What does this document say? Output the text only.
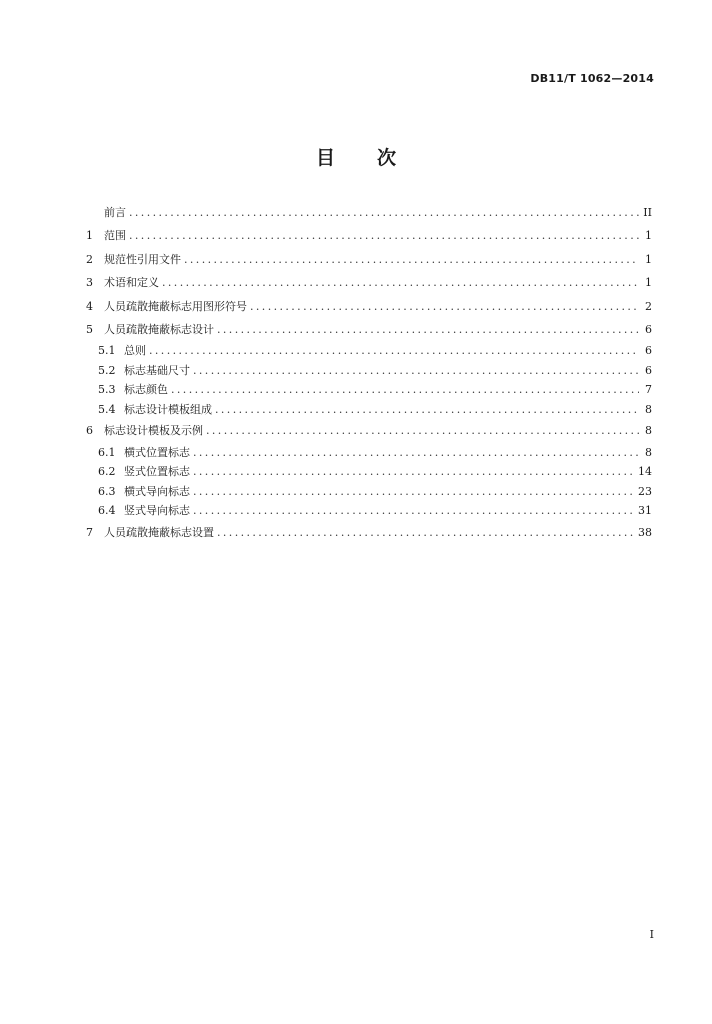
DB11/T 1062—2014
目 次
前言 .....	II
1	范围 .....	1
2	规范性引用文件 .....	1
3	术语和定义 .....	1
4	人员疏散掩蔽标志用图形符号 .....	2
5	人员疏散掩蔽标志设计 .....	6
5.1 总则 .....	6
5.2 标志基础尺寸 .....	6
5.3 标志颜色 .....	7
5.4 标志设计模板组成 .....	8
6	标志设计模板及示例 .....	8
6.1 横式位置标志 .....	8
6.2 竖式位置标志 .....	14
6.3 横式导向标志 .....	23
6.4 竖式导向标志 .....	31
7	人员疏散掩蔽标志设置 .....	38
I
